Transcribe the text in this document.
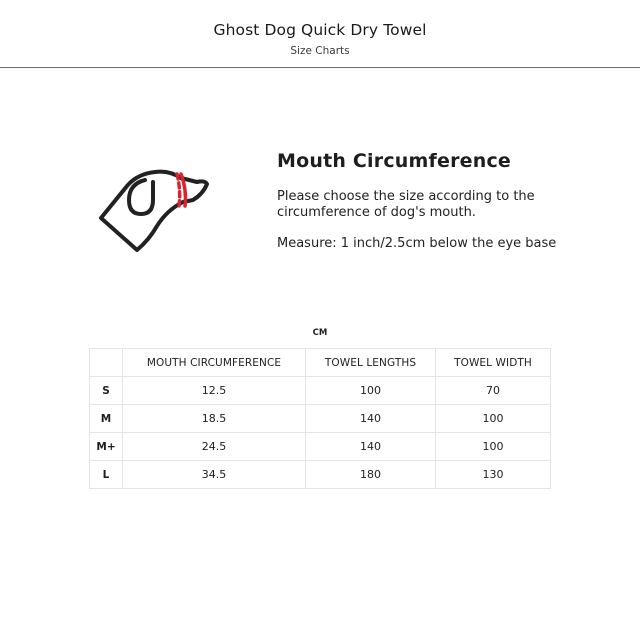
Ghost Dog Quick Dry Towel
Size Charts
Mouth Circumference
Please choose the size according to the circumference of dog's mouth.
Measure: 1 inch/2.5cm below the eye base
CM
	MOUTH CIRCUMFERENCE	TOWEL LENGTHS	TOWEL WIDTH
S	12.5	100	70
M	18.5	140	100
M+	24.5	140	100
L	34.5	180	130
